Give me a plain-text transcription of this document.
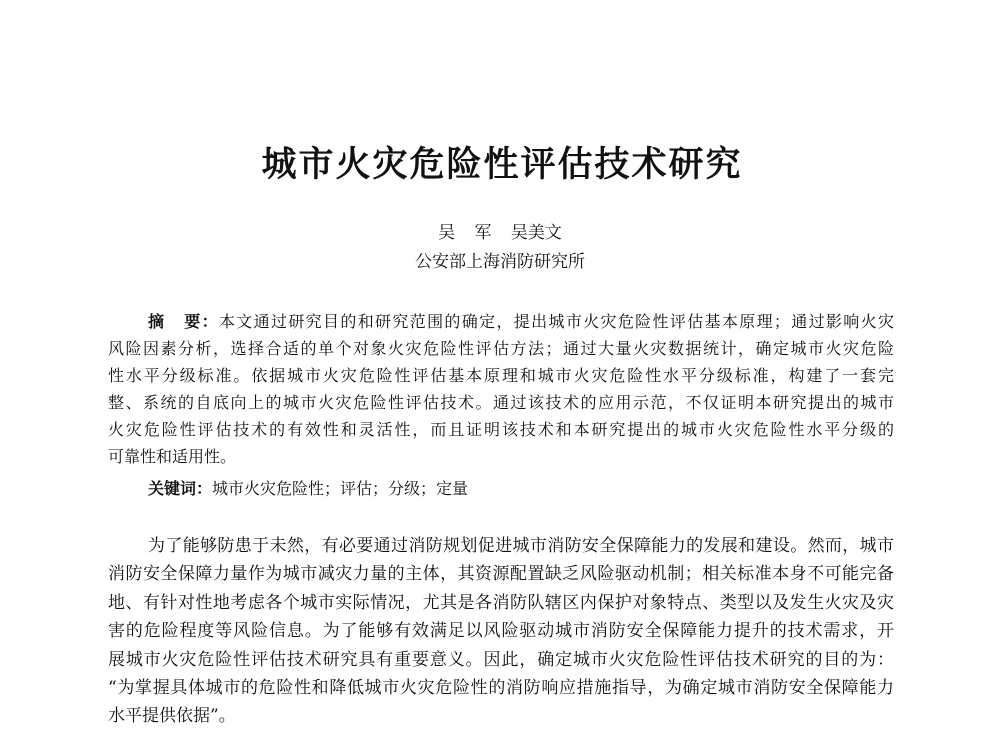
城市火灾危险性评估技术研究
吴 军 吴美文
公安部上海消防研究所
摘 要：本文通过研究目的和研究范围的确定，提出城市火灾危险性评估基本原理；通过影响火灾
风险因素分析，选择合适的单个对象火灾危险性评估方法；通过大量火灾数据统计，确定城市火灾危险
性水平分级标准。依据城市火灾危险性评估基本原理和城市火灾危险性水平分级标准，构建了一套完
整、系统的自底向上的城市火灾危险性评估技术。通过该技术的应用示范，不仅证明本研究提出的城市
火灾危险性评估技术的有效性和灵活性，而且证明该技术和本研究提出的城市火灾危险性水平分级的
可靠性和适用性。
关键词：城市火灾危险性；评估；分级；定量
为了能够防患于未然，有必要通过消防规划促进城市消防安全保障能力的发展和建设。然而，城市
消防安全保障力量作为城市减灾力量的主体，其资源配置缺乏风险驱动机制；相关标准本身不可能完备
地、有针对性地考虑各个城市实际情况，尤其是各消防队辖区内保护对象特点、类型以及发生火灾及灾
害的危险程度等风险信息。为了能够有效满足以风险驱动城市消防安全保障能力提升的技术需求，开
展城市火灾危险性评估技术研究具有重要意义。因此，确定城市火灾危险性评估技术研究的目的为：
“为掌握具体城市的危险性和降低城市火灾危险性的消防响应措施指导，为确定城市消防安全保障能力
水平提供依据”。
